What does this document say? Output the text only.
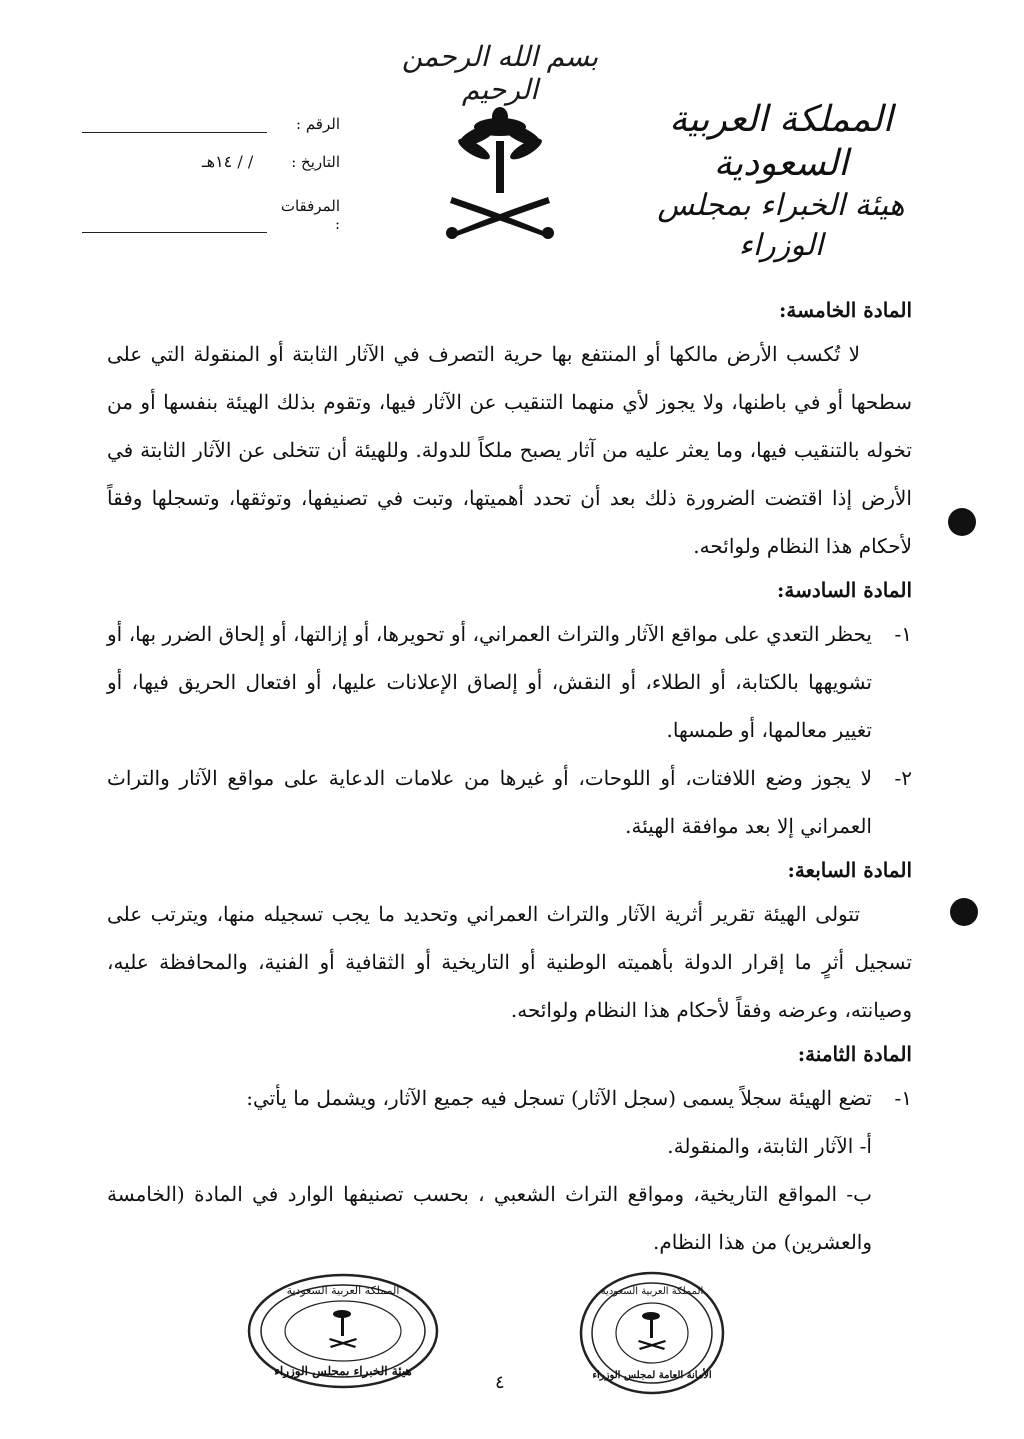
بسم الله الرحمن الرحيم
المملكة العربية السعودية
هيئة الخبراء بمجلس الوزراء
الرقم :
التاريخ : / / ١٤هـ
المرفقات :
المادة الخامسة:

لا تُكسب الأرض مالكها أو المنتفع بها حرية التصرف في الآثار الثابتة أو المنقولة التي على سطحها أو في باطنها، ولا يجوز لأي منهما التنقيب عن الآثار فيها، وتقوم بذلك الهيئة بنفسها أو من تخوله بالتنقيب فيها، وما يعثر عليه من آثار يصبح ملكاً للدولة. وللهيئة أن تتخلى عن الآثار الثابتة في الأرض إذا اقتضت الضرورة ذلك بعد أن تحدد أهميتها، وتبت في تصنيفها، وتوثقها، وتسجلها وفقاً لأحكام هذا النظام ولوائحه.

المادة السادسة:

١-
يحظر التعدي على مواقع الآثار والتراث العمراني، أو تحويرها، أو إزالتها، أو إلحاق الضرر بها، أو تشويهها بالكتابة، أو الطلاء، أو النقش، أو إلصاق الإعلانات عليها، أو افتعال الحريق فيها، أو تغيير معالمها، أو طمسها.

٢-
لا يجوز وضع اللافتات، أو اللوحات، أو غيرها من علامات الدعاية على مواقع الآثار والتراث العمراني إلا بعد موافقة الهيئة.

المادة السابعة:

تتولى الهيئة تقرير أثرية الآثار والتراث العمراني وتحديد ما يجب تسجيله منها، ويترتب على تسجيل أثرٍ ما إقرار الدولة بأهميته الوطنية أو التاريخية أو الثقافية أو الفنية، والمحافظة عليه، وصيانته، وعرضه وفقاً لأحكام هذا النظام ولوائحه.

المادة الثامنة:

١-
تضع الهيئة سجلاً يسمى (سجل الآثار) تسجل فيه جميع الآثار، ويشمل ما يأتي:

أ- الآثار الثابتة، والمنقولة.

ب- المواقع التاريخية، ومواقع التراث الشعبي ، بحسب تصنيفها الوارد في المادة (الخامسة والعشرين) من هذا النظام.

المملكة العربية السعودية
هيئة الخبراء بمجلس الوزراء
المملكة العربية السعودية
الأمانة العامة لمجلس الوزراء
٤
